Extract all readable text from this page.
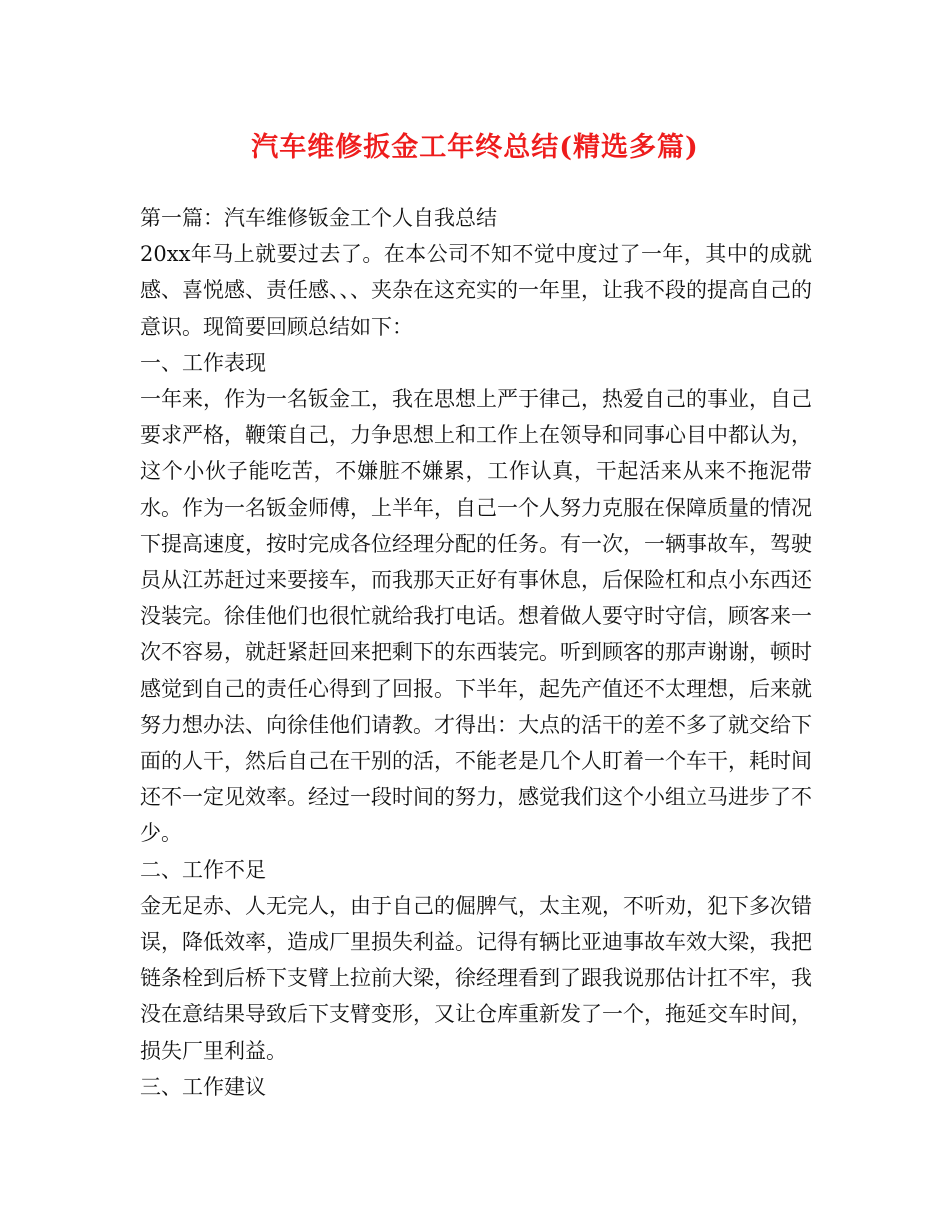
汽车维修扳金工年终总结(精选多篇)

第一篇：汽车维修钣金工个人自我总结

20xx年马上就要过去了。在本公司不知不觉中度过了一年，其中的成就感、喜悦感、责任感、、、夹杂在这充实的一年里，让我不段的提高自己的意识。现简要回顾总结如下：

一、工作表现

一年来，作为一名钣金工，我在思想上严于律己，热爱自己的事业，自己要求严格，鞭策自己，力争思想上和工作上在领导和同事心目中都认为，这个小伙子能吃苦，不嫌脏不嫌累，工作认真，干起活来从来不拖泥带水。作为一名钣金师傅，上半年，自己一个人努力克服在保障质量的情况下提高速度，按时完成各位经理分配的任务。有一次，一辆事故车，驾驶员从江苏赶过来要接车，而我那天正好有事休息，后保险杠和点小东西还没装完。徐佳他们也很忙就给我打电话。想着做人要守时守信，顾客来一次不容易，就赶紧赶回来把剩下的东西装完。听到顾客的那声谢谢，顿时感觉到自己的责任心得到了回报。下半年，起先产值还不太理想，后来就努力想办法、向徐佳他们请教。才得出：大点的活干的差不多了就交给下面的人干，然后自己在干别的活，不能老是几个人盯着一个车干，耗时间还不一定见效率。经过一段时间的努力，感觉我们这个小组立马进步了不少。

二、工作不足

金无足赤、人无完人，由于自己的倔脾气，太主观，不听劝，犯下多次错误，降低效率，造成厂里损失利益。记得有辆比亚迪事故车效大梁，我把链条栓到后桥下支臂上拉前大梁，徐经理看到了跟我说那估计扛不牢，我没在意结果导致后下支臂变形，又让仓库重新发了一个，拖延交车时间，损失厂里利益。

三、工作建议
